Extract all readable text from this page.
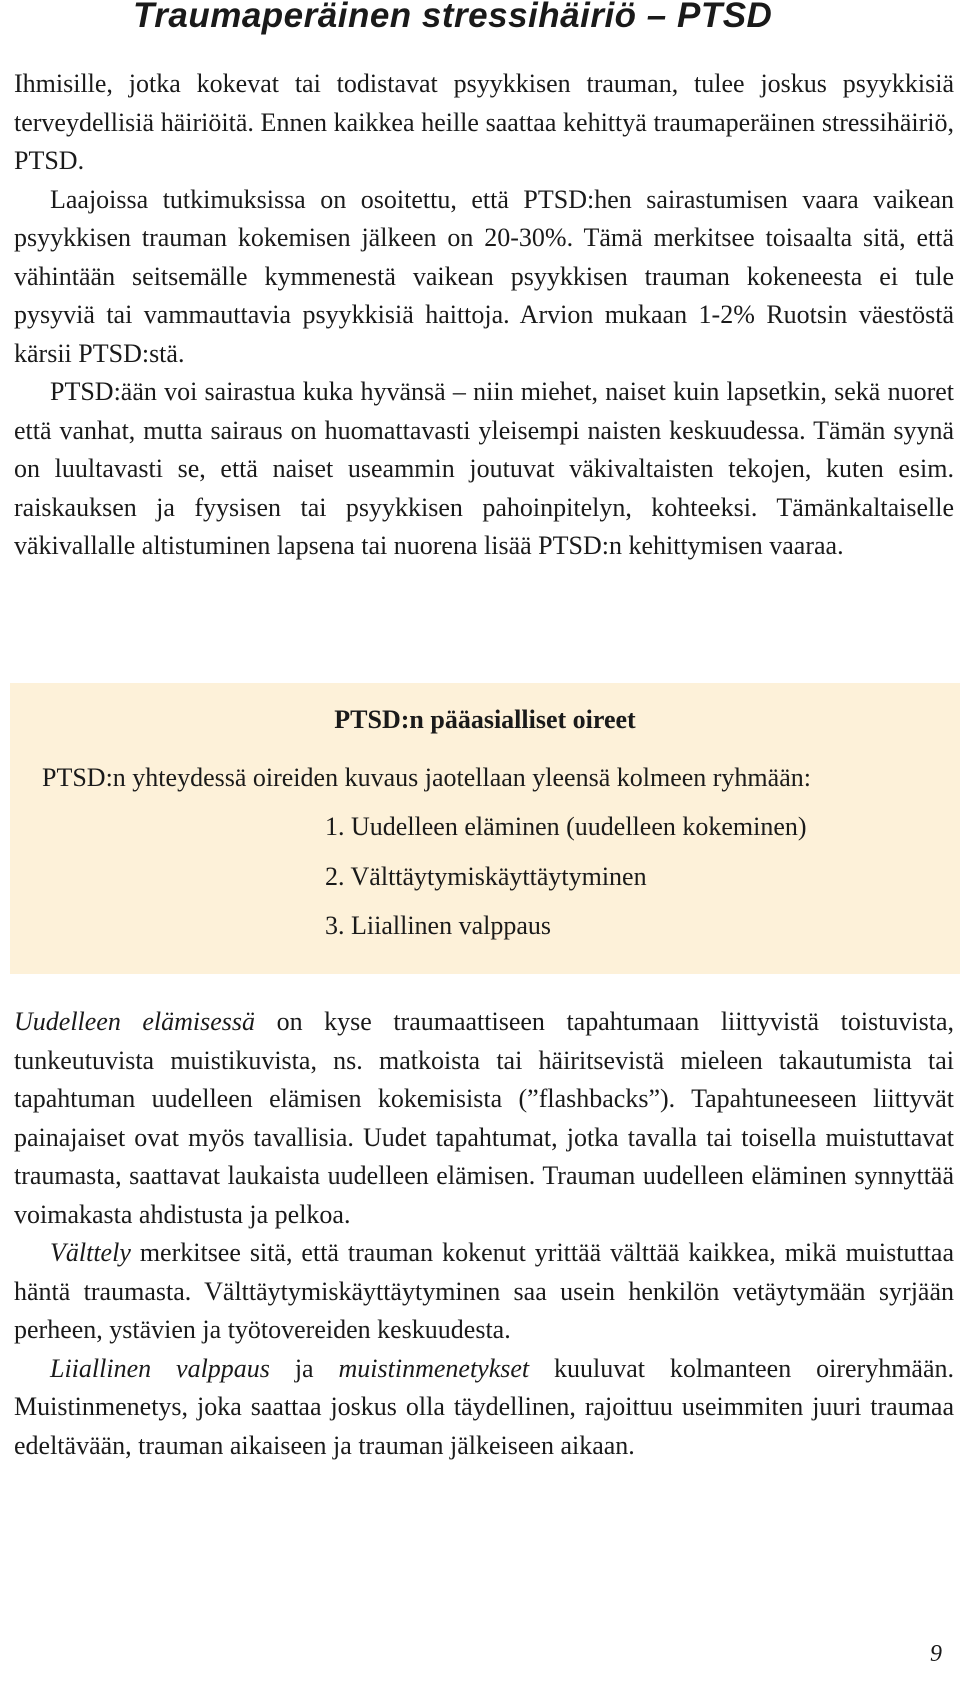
Traumaperäinen stressihäiriö – PTSD

Ihmisille, jotka kokevat tai todistavat psyykkisen trauman, tulee joskus psyykkisiä terveydellisiä häiriöitä. Ennen kaikkea heille saattaa kehittyä traumaperäinen stressihäiriö, PTSD.

Laajoissa tutkimuksissa on osoitettu, että PTSD:hen sairastumisen vaara vaikean psyykkisen trauman kokemisen jälkeen on 20-30%. Tämä merkitsee toisaalta sitä, että vähintään seitsemälle kymmenestä vaikean psyykkisen trauman kokeneesta ei tule pysyviä tai vammauttavia psyykkisiä haittoja. Arvion mukaan 1-2% Ruotsin väestöstä kärsii PTSD:stä.

PTSD:ään voi sairastua kuka hyvänsä – niin miehet, naiset kuin lapsetkin, sekä nuoret että vanhat, mutta sairaus on huomattavasti yleisempi naisten keskuudessa. Tämän syynä on luultavasti se, että naiset useammin joutuvat väkivaltaisten tekojen, kuten esim. raiskauksen ja fyysisen tai psyykkisen pahoinpitelyn, kohteeksi. Tämänkaltaiselle väkivallalle altistuminen lapsena tai nuorena lisää PTSD:n kehittymisen vaaraa.

PTSD:n pääasialliset oireet
PTSD:n yhteydessä oireiden kuvaus jaotellaan yleensä kolmeen ryhmään:
1. Uudelleen eläminen (uudelleen kokeminen)
2. Välttäytymiskäyttäytyminen
3. Liiallinen valppaus

Uudelleen elämisessä on kyse traumaattiseen tapahtumaan liittyvistä toistuvista, tunkeutuvista muistikuvista, ns. matkoista tai häiritsevistä mieleen takautumista tai tapahtuman uudelleen elämisen kokemisista (”flashbacks”). Tapahtuneeseen liittyvät painajaiset ovat myös tavallisia. Uudet tapahtumat, jotka tavalla tai toisella muistuttavat traumasta, saattavat laukaista uudelleen elämisen. Trauman uudelleen eläminen synnyttää voimakasta ahdistusta ja pelkoa.

Välttely merkitsee sitä, että trauman kokenut yrittää välttää kaikkea, mikä muistuttaa häntä traumasta. Välttäytymiskäyttäytyminen saa usein henkilön vetäytymään syrjään perheen, ystävien ja työtovereiden keskuudesta.

Liiallinen valppaus ja muistinmenetykset kuuluvat kolmanteen oireryhmään. Muistinmenetys, joka saattaa joskus olla täydellinen, rajoittuu useimmiten juuri traumaa edeltävään, trauman aikaiseen ja trauman jälkeiseen aikaan.

9
